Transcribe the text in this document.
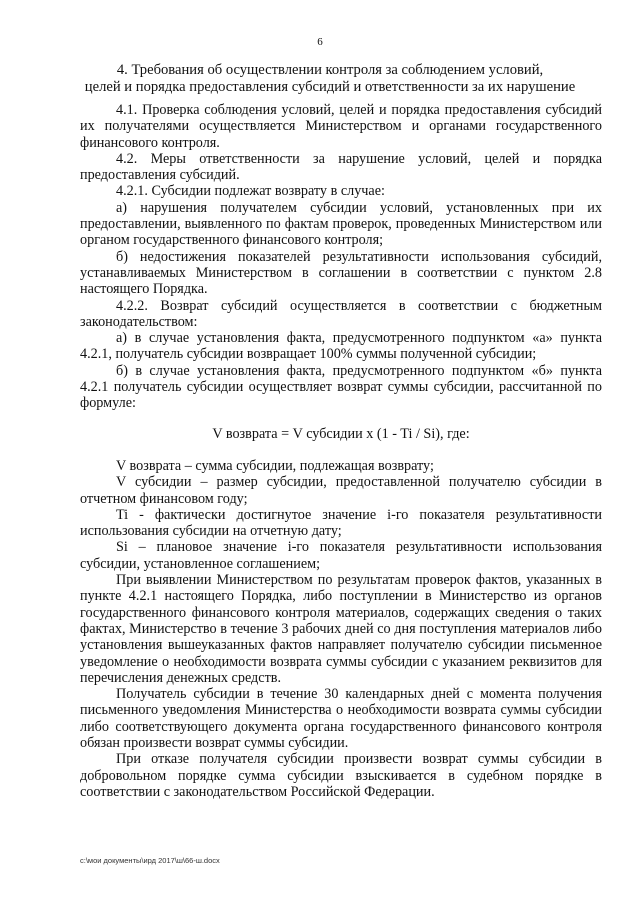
6
4. Требования об осуществлении контроля за соблюдением условий,
целей и порядка предоставления субсидий и ответственности за их нарушение

4.1. Проверка соблюдения условий, целей и порядка предоставления субсидий их получателями осуществляется Министерством и органами государственного финансового контроля.

4.2. Меры ответственности за нарушение условий, целей и порядка предоставления субсидий.

4.2.1. Субсидии подлежат возврату в случае:

а) нарушения получателем субсидии условий, установленных при их предоставлении, выявленного по фактам проверок, проведенных Министерством или органом государственного финансового контроля;

б) недостижения показателей результативности использования субсидий, устанавливаемых Министерством в соглашении в соответствии с пунктом 2.8 настоящего Порядка.

4.2.2. Возврат субсидий осуществляется в соответствии с бюджетным законодательством:

а) в случае установления факта, предусмотренного подпунктом «а» пункта 4.2.1, получатель субсидии возвращает 100% суммы полученной субсидии;

б) в случае установления факта, предусмотренного подпунктом «б» пункта 4.2.1 получатель субсидии осуществляет возврат суммы субсидии, рассчитанной по формуле:

V возврата = V субсидии x (1 - Ti / Si), где:

V возврата – сумма субсидии, подлежащая возврату;

V субсидии – размер субсидии, предоставленной получателю субсидии в отчетном финансовом году;

Ti - фактически достигнутое значение i-го показателя результативности использования субсидии на отчетную дату;

Si – плановое значение i-го показателя результативности использования субсидии, установленное соглашением;

При выявлении Министерством по результатам проверок фактов, указанных в пункте 4.2.1 настоящего Порядка, либо поступлении в Министерство из органов государственного финансового контроля материалов, содержащих сведения о таких фактах, Министерство в течение 3 рабочих дней со дня поступления материалов либо установления вышеуказанных фактов направляет получателю субсидии письменное уведомление о необходимости возврата суммы субсидии с указанием реквизитов для перечисления денежных средств.

Получатель субсидии в течение 30 календарных дней с момента получения письменного уведомления Министерства о необходимости возврата суммы субсидии либо соответствующего документа органа государственного финансового контроля обязан произвести возврат суммы субсидии.

При отказе получателя субсидии произвести возврат суммы субсидии в добровольном порядке сумма субсидии взыскивается в судебном порядке в соответствии с законодательством Российской Федерации.

c:\мои документы\ирд 2017\ш\66-ш.docx
